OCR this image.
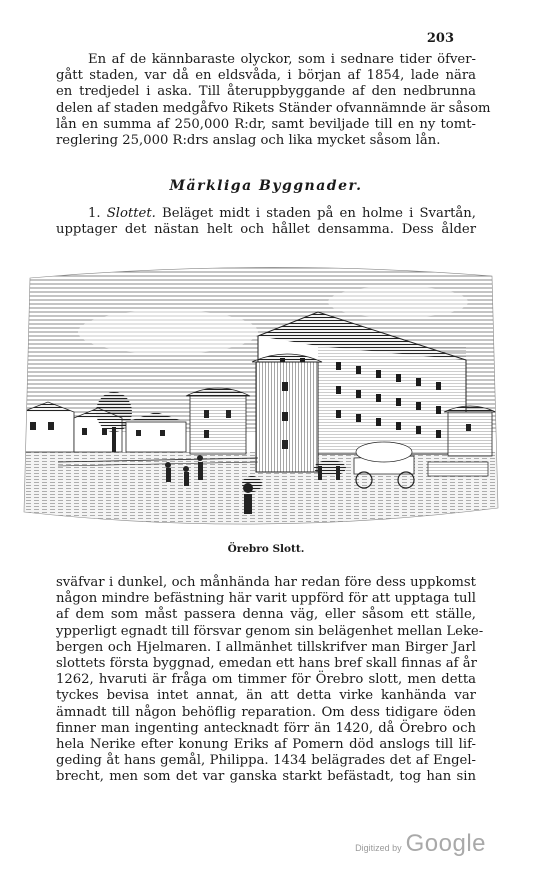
203
En af de kännbaraste olyckor, som i sednare tider öfver-
gått staden, var då en eldsvåda, i början af 1854, lade nära
en tredjedel i aska. Till återuppbyggande af den nedbrunna
delen af staden medgåfvo Rikets Ständer ofvannämnde är såsom
lån en summa af 250,000 R:dr, samt beviljade till en ny tomt-
reglering 25,000 R:drs anslag och lika mycket såsom lån.
Märkliga Byggnader.
1. Slottet. Beläget midt i staden på en holme i Svartån,
upptager det nästan helt och hållet densamma. Dess ålder

Örebro Slott.

sväfvar i dunkel, och månhända har redan före dess uppkomst
någon mindre befästning här varit uppförd för att upptaga tull
af dem som måst passera denna väg, eller såsom ett ställe,
ypperligt egnadt till försvar genom sin belägenhet mellan Leke-
bergen och Hjelmaren. I allmänhet tillskrifver man Birger Jarl
slottets första byggnad, emedan ett hans bref skall finnas af år
1262, hvaruti är fråga om timmer för Örebro slott, men detta
tyckes bevisa intet annat, än att detta virke kanhända var
ämnadt till någon behöflig reparation. Om dess tidigare öden
finner man ingenting antecknadt förr än 1420, då Örebro och
hela Nerike efter konung Eriks af Pomern död anslogs till lif-
geding åt hans gemål, Philippa. 1434 belägrades det af Engel-
brecht, men som det var ganska starkt befästadt, tog han sin
Digitized by Google
